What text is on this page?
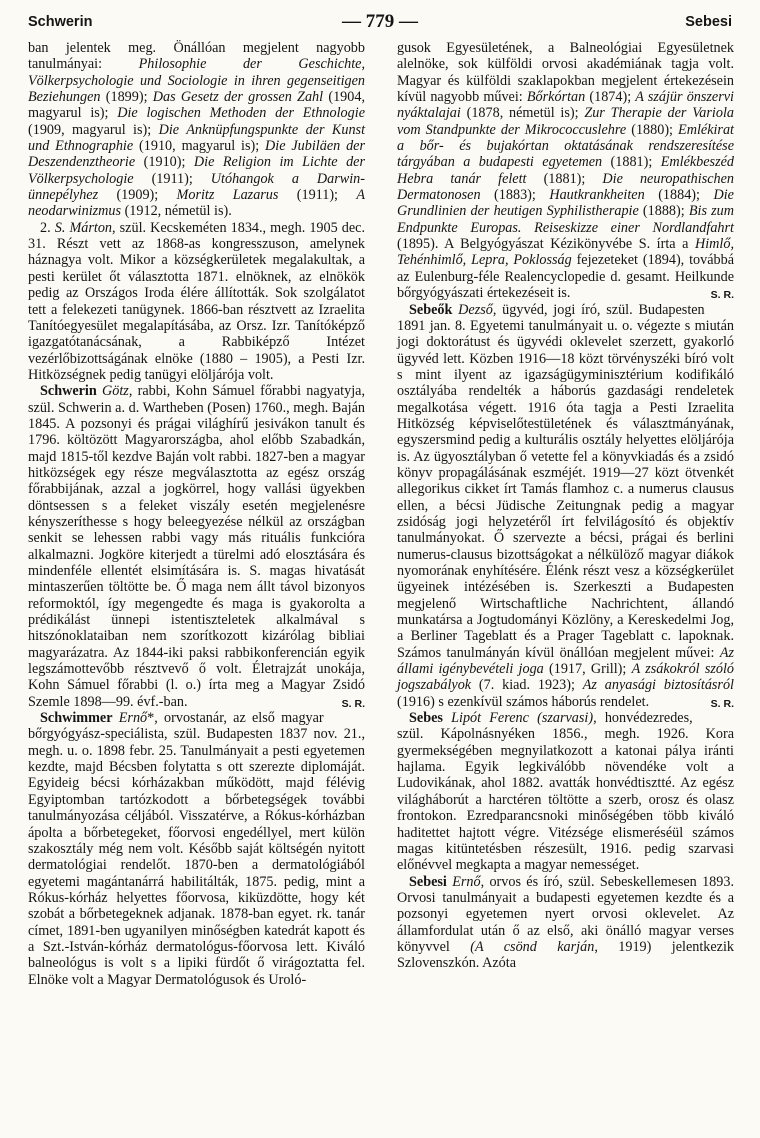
Schwerin	— 779 —	Sebesi

ban jelentek meg. Önállóan megjelent nagyobb tanulmányai: Philosophie der Geschichte, Völkerpsychologie und Sociologie in ihren gegenseitigen Beziehungen (1899); Das Gesetz der grossen Zahl (1904, magyarul is); Die logischen Methoden der Ethnologie (1909, magyarul is); Die Anknüpfungspunkte der Kunst und Ethnographie (1910, magyarul is); Die Jubiläen der Deszendenztheorie (1910); Die Religion im Lichte der Völkerpsychologie (1911); Utóhangok a Darwin-ünnepélyhez (1909); Moritz Lazarus (1911); A neodarwinizmus (1912, németül is).

2. S. Márton, szül. Kecskeméten 1834., megh. 1905 dec. 31. Részt vett az 1868-as kongresszuson, amelynek háznagya volt. Mikor a községkerületek megalakultak, a pesti kerület őt választotta 1871. elnöknek, az elnökök pedig az Országos Iroda élére állították. Sok szolgálatot tett a felekezeti tanügynek. 1866-ban résztvett az Izraelita Tanítóegyesület megalapításába, az Orsz. Izr. Tanítóképző igazgatótanácsának, a Rabbiképző Intézet vezérlőbizottságának elnöke (1880 – 1905), a Pesti Izr. Hitközségnek pedig tanügyi elöljárója volt.

Schwerin Götz, rabbi, Kohn Sámuel főrabbi nagyatyja, szül. Schwerin a. d. Wartheben (Posen) 1760., megh. Baján 1845. A pozsonyi és prágai világhírű jesivákon tanult és 1796. költözött Magyarországba, ahol előbb Szabadkán, majd 1815-től kezdve Baján volt rabbi. 1827-ben a magyar hitközségek egy része megválasztotta az egész ország főrabbijának, azzal a jogkörrel, hogy vallási ügyekben döntsessen s a feleket viszály esetén megjelenésre kényszeríthesse s hogy beleegyezése nélkül az országban senkit se lehessen rabbi vagy más rituális funkcióra alkalmazni. Jogköre kiterjedt a türelmi adó elosztására és mindenféle ellentét elsimítására is. S. magas hivatását mintaszerűen töltötte be. Ő maga nem állt távol bizonyos reformoktól, így megengedte és maga is gyakorolta a prédikálást ünnepi istentiszteletek alkalmával s hitszónoklataiban nem szorítkozott kizárólag bibliai magyarázatra. Az 1844-iki paksi rabbikonferencián egyik legszámottevőbb résztvevő ő volt. Életrajzát unokája, Kohn Sámuel főrabbi (l. o.) írta meg a Magyar Zsidó Szemle 1898—99. évf.-ban.	S. R.

Schwimmer Ernő*, orvostanár, az első magyar bőrgyógyász-speciálista, szül. Budapesten 1837 nov. 21., megh. u. o. 1898 febr. 25. Tanulmányait a pesti egyetemen kezdte, majd Bécsben folytatta s ott szerezte diplomáját. Egyideig bécsi kórházakban működött, majd félévig Egyiptomban tartózkodott a bőrbetegségek további tanulmányozása céljából. Visszatérve, a Rókus-kórházban ápolta a bőrbetegeket, főorvosi engedéllyel, mert külön szakosztály még nem volt. Később saját költségén nyitott dermatológiai rendelőt. 1870-ben a dermatológiából egyetemi magántanárrá habilitálták, 1875. pedig, mint a Rókus-kórház helyettes főorvosa, kiküzdötte, hogy két szobát a bőrbetegeknek adjanak. 1878-ban egyet. rk. tanár címet, 1891-ben ugyanilyen minőségben katedrát kapott és a Szt.-István-kórház dermatológus-főorvosa lett. Kiváló balneológus is volt s a lipiki fürdőt ő virágoztatta fel. Elnöke volt a Magyar Dermatológusok és Uroló-

gusok Egyesületének, a Balneológiai Egyesületnek alelnöke, sok külföldi orvosi akadémiának tagja volt. Magyar és külföldi szaklapokban megjelent értekezésein kívül nagyobb művei: Bőrkórtan (1874); A szájür önszervi nyáktalajai (1878, németül is); Zur Therapie der Variola vom Standpunkte der Mikrococcuslehre (1880); Emlékirat a bőr- és bujakórtan oktatásának rendszeresítése tárgyában a budapesti egyetemen (1881); Emlékbeszéd Hebra tanár felett (1881); Die neuropathischen Dermatonosen (1883); Hautkrankheiten (1884); Die Grundlinien der heutigen Syphilistherapie (1888); Bis zum Endpunkte Europas. Reiseskizze einer Nordlandfahrt (1895). A Belgyógyászat Kézikönyvébe S. írta a Himlő, Tehénhimlő, Lepra, Poklosság fejezeteket (1894), továbbá az Eulenburg-féle Realencyclopedie d. gesamt. Heilkunde bőrgyógyászati értekezéseit is.	S. R.

Sebeők Dezső, ügyvéd, jogi író, szül. Budapesten 1891 jan. 8. Egyetemi tanulmányait u. o. végezte s miután jogi doktorátust és ügyvédi oklevelet szerzett, gyakorló ügyvéd lett. Közben 1916—18 közt törvényszéki bíró volt s mint ilyent az igazságügyminisztérium kodifikáló osztályába rendelték a háborús gazdasági rendeletek megalkotása végett. 1916 óta tagja a Pesti Izraelita Hitközség képviselőtestületének és választmányának, egyszersmind pedig a kulturális osztály helyettes elöljárója is. Az ügyosztályban ő vetette fel a könyvkiadás és a zsidó könyv propagálásának eszméjét. 1919—27 közt ötvenkét allegorikus cikket írt Tamás flamhoz c. a numerus clausus ellen, a bécsi Jüdische Zeitungnak pedig a magyar zsidóság jogi helyzetéről írt felvilágosító és objektív tanulmányokat. Ő szervezte a bécsi, prágai és berlini numerus-clausus bizottságokat a nélkülöző magyar diákok nyomorának enyhítésére. Élénk részt vesz a községkerület ügyeinek intézésében is. Szerkeszti a Budapesten megjelenő Wirtschaftliche Nachrichtent, állandó munkatársa a Jogtudományi Közlöny, a Kereskedelmi Jog, a Berliner Tageblatt és a Prager Tageblatt c. lapoknak. Számos tanulmányán kívül önállóan megjelent művei: Az állami igénybevételi joga (1917, Grill); A zsákokról szóló jogszabályok (7. kiad. 1923); Az anyasági biztosításról (1916) s ezenkívül számos háborús rendelet.	S. R.

Sebes Lipót Ferenc (szarvasi), honvédezredes, szül. Kápolnásnyéken 1856., megh. 1926. Kora gyermekségében megnyilatkozott a katonai pálya iránti hajlama. Egyik legkiválóbb növendéke volt a Ludovikának, ahol 1882. avatták honvédtisztté. Az egész világháborút a harctéren töltötte a szerb, orosz és olasz frontokon. Ezredparancsnoki minőségében több kiváló haditettet hajtott végre. Vitézsége elismeréséül számos magas kitüntetésben részesült, 1916. pedig szarvasi előnévvel megkapta a magyar nemességet.

Sebesi Ernő, orvos és író, szül. Sebeskellemesen 1893. Orvosi tanulmányait a budapesti egyetemen kezdte és a pozsonyi egyetemen nyert orvosi oklevelet. Az államfordulat után ő az első, aki önálló magyar verses könyvvel (A csönd karján, 1919) jelentkezik Szlovenszkón. Azóta
